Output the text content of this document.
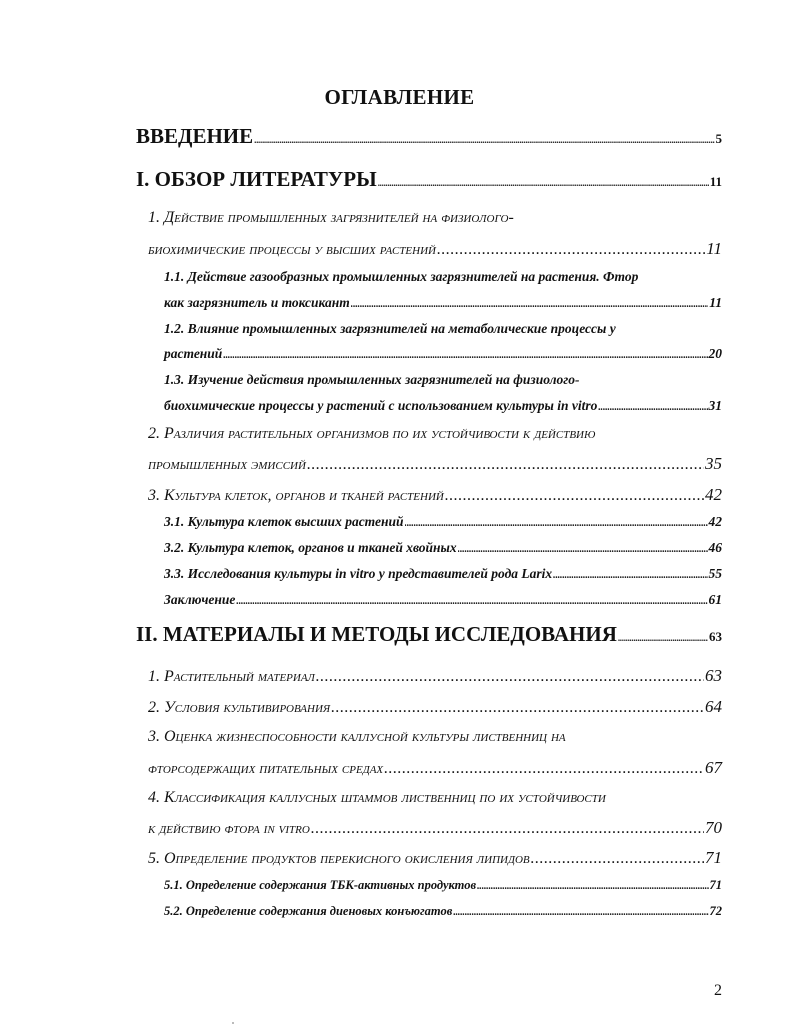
ОГЛАВЛЕНИЕ
ВВЕДЕНИЕ .....	5
I. ОБЗОР ЛИТЕРАТУРЫ .....	11
1. Действие промышленных загрязнителей на физиолого-
биохимические процессы у высших растений .....	11
1.1. Действие газообразных промышленных загрязнителей на растения. Фтор
как загрязнитель и токсикант .....	11
1.2. Влияние промышленных загрязнителей на метаболические процессы у
растений .....	20
1.3. Изучение действия промышленных загрязнителей на физиолого-
биохимические процессы у растений с использованием культуры in vitro .....	31
2. Различия растительных организмов по их устойчивости к действию
промышленных эмиссий .....	35
3. Культура клеток, органов и тканей растений .....	42
3.1. Культура клеток высших растений .....	42
3.2. Культура клеток, органов и тканей хвойных .....	46
3.3. Исследования культуры in vitro у представителей рода Larix .....	55
Заключение .....	61
II. МАТЕРИАЛЫ И МЕТОДЫ ИССЛЕДОВАНИЯ .....	63
1. Растительный материал .....	63
2. Условия культивирования .....	64
3. Оценка жизнеспособности каллусной культуры лиственниц на
фторсодержащих питательных средах .....	67
4. Классификация каллусных штаммов лиственниц по их устойчивости
к действию фтора in vitro .....	70
5. Определение продуктов перекисного окисления липидов .....	71
5.1. Определение содержания ТБК-активных продуктов .....	71
5.2. Определение содержания диеновых конъюгатов .....	72
2
